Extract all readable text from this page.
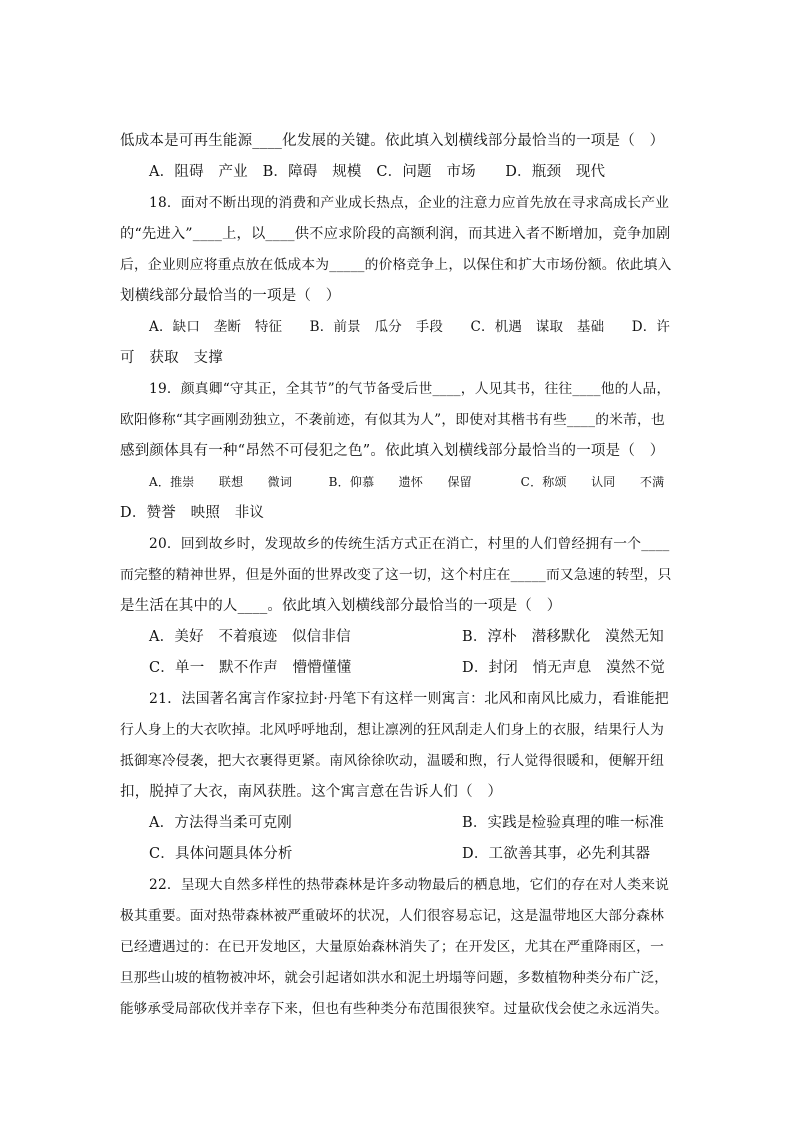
低成本是可再生能源____化发展的关键。依此填入划横线部分最恰当的一项是（　）
A．阻碍　产业　B．障碍　规模　C．问题　市场　　D．瓶颈　现代
18．面对不断出现的消费和产业成长热点，企业的注意力应首先放在寻求高成长产业
的“先进入”____上，以____供不应求阶段的高额利润，而其进入者不断增加，竞争加剧
后，企业则应将重点放在低成本为_____的价格竞争上，以保住和扩大市场份额。依此填入
划横线部分最恰当的一项是（　）
A．缺口　垄断　特征　　B．前景　瓜分　手段　　C．机遇　谋取　基础　　D．许
可　获取　支撑
19．颜真卿“守其正，全其节”的气节备受后世____，人见其书，往往____他的人品，
欧阳修称“其字画刚劲独立，不袭前迹，有似其为人”，即使对其楷书有些____的米芾，也
感到颜体具有一种“昂然不可侵犯之色”。依此填入划横线部分最恰当的一项是（　）
A．推崇　　联想　　微词　　　B．仰慕　　遗怀　　保留　　　　C．称颂　　认同　　不满
D．赞誉　映照　非议
20．回到故乡时，发现故乡的传统生活方式正在消亡，村里的人们曾经拥有一个____
而完整的精神世界，但是外面的世界改变了这一切，这个村庄在_____而又急速的转型，只
是生活在其中的人____。依此填入划横线部分最恰当的一项是（　）
A．美好　不着痕迹　似信非信	B．淳朴　潜移默化　漠然无知
C．单一　默不作声　懵懵懂懂	D．封闭　悄无声息　漠然不觉
21．法国著名寓言作家拉封·丹笔下有这样一则寓言：北风和南风比威力，看谁能把
行人身上的大衣吹掉。北风呼呼地刮，想让凛冽的狂风刮走人们身上的衣服，结果行人为
抵御寒冷侵袭，把大衣裹得更紧。南风徐徐吹动，温暖和煦，行人觉得很暖和，便解开纽
扣，脱掉了大衣，南风获胜。这个寓言意在告诉人们（　）
A．方法得当柔可克刚	B．实践是检验真理的唯一标准
C．具体问题具体分析	D．工欲善其事，必先利其器
22．呈现大自然多样性的热带森林是许多动物最后的栖息地，它们的存在对人类来说
极其重要。面对热带森林被严重破坏的状况，人们很容易忘记，这是温带地区大部分森林
已经遭遇过的：在已开发地区，大量原始森林消失了；在开发区，尤其在严重降雨区，一
旦那些山坡的植物被冲坏，就会引起诸如洪水和泥土坍塌等问题，多数植物种类分布广泛，
能够承受局部砍伐并幸存下来，但也有些种类分布范围很狭窄。过量砍伐会使之永远消失。
